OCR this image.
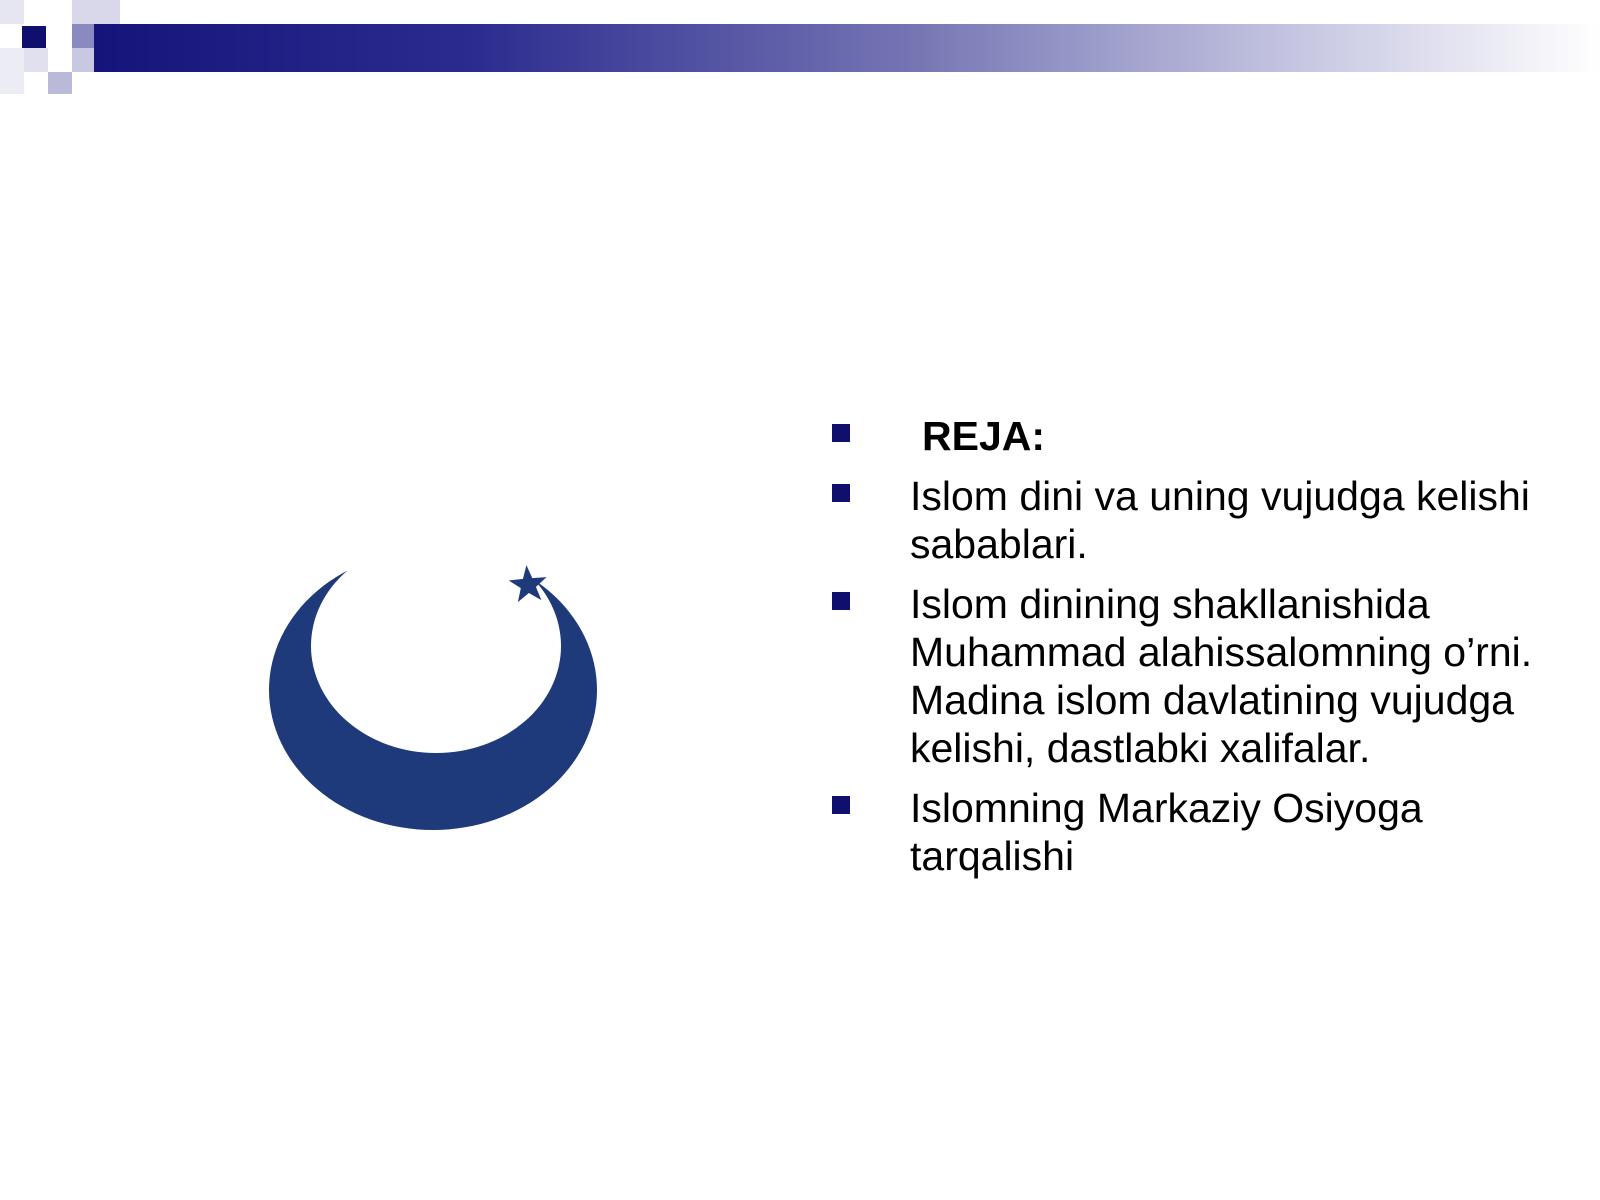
REJA:
Islom dini va uning vujudga kelishi sabablari.
Islom dinining shakllanishida Muhammad alahissalomning o’rni. Madina islom davlatining vujudga kelishi, dastlabki xalifalar.
Islomning Markaziy Osiyoga tarqalishi
